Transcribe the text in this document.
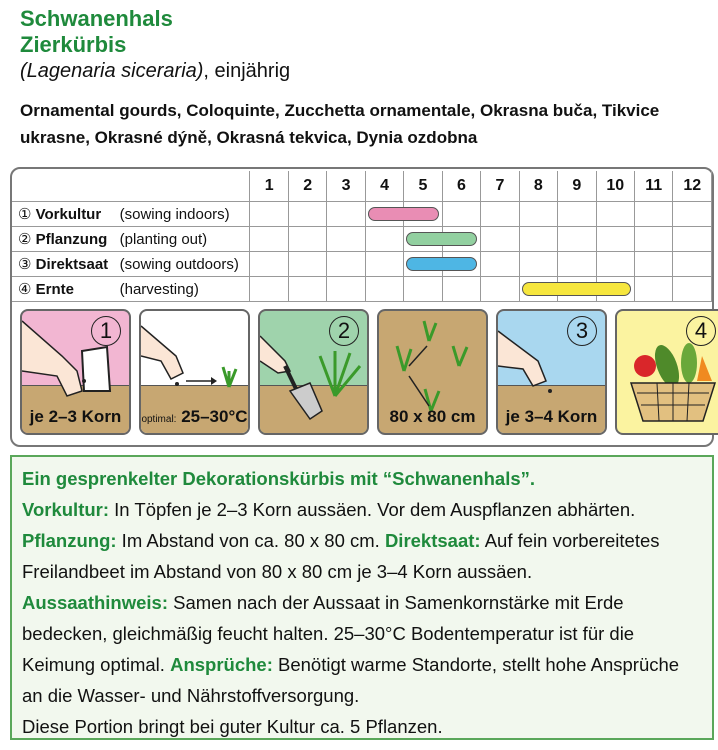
Schwanenhals
Zierkürbis
(Lagenaria siceraria), einjährig
Ornamental gourds, Coloquinte, Zucchetta ornamentale, Okrasna buča, Tikvice ukrasne, Okrasné dýně, Okrasná tekvica, Dynia ozdobna
	1	2	3	4	5	6	7	8	9	10	11	12
① Vorkultur (sowing indoors)				

② Pflanzung (planting out)					

③ Direktsaat (sowing outdoors)					

④ Ernte (harvesting)								

1
je 2–3 Korn	optimal: 25–30°C
2
80 x 80 cm
3
je 3–4 Korn
4
Ein gesprenkelter Dekorationskürbis mit “Schwanenhals”.
Vorkultur: In Töpfen je 2–3 Korn aussäen. Vor dem Auspflanzen abhärten.
Pflanzung: Im Abstand von ca. 80 x 80 cm. Direktsaat: Auf fein vorbereitetes Freilandbeet im Abstand von 80 x 80 cm je 3–4 Korn aussäen.
Aussaathinweis: Samen nach der Aussaat in Samenkornstärke mit Erde bedecken, gleichmäßig feucht halten. 25–30°C Bodentemperatur ist für die Keimung optimal. Ansprüche: Benötigt warme Standorte, stellt hohe Ansprüche an die Wasser- und Nährstoffversorgung.
Diese Portion bringt bei guter Kultur ca. 5 Pflanzen.
